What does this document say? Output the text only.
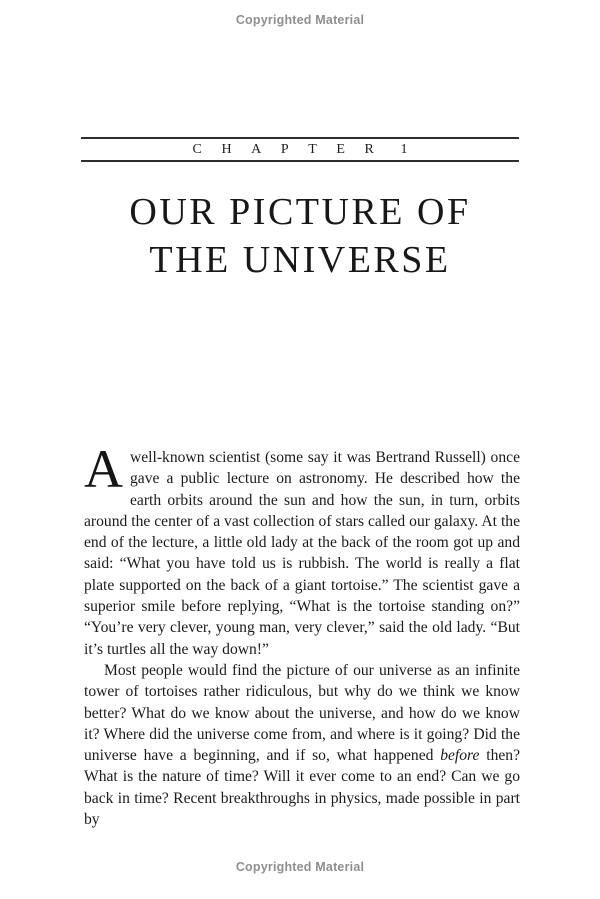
Copyrighted Material
CHAPTER 1
OUR PICTURE OF
THE UNIVERSE

Awell-known scientist (some say it was Bertrand Russell) once gave a public lecture on astronomy. He described how the earth orbits around the sun and how the sun, in turn, orbits around the center of a vast collection of stars called our galaxy. At the end of the lecture, a little old lady at the back of the room got up and said: “What you have told us is rubbish. The world is really a flat plate supported on the back of a giant tortoise.” The scientist gave a superior smile before replying, “What is the tortoise standing on?” “You’re very clever, young man, very clever,” said the old lady. “But it’s turtles all the way down!”

Most people would find the picture of our universe as an infinite tower of tortoises rather ridiculous, but why do we think we know better? What do we know about the universe, and how do we know it? Where did the universe come from, and where is it going? Did the universe have a beginning, and if so, what happened before then? What is the nature of time? Will it ever come to an end? Can we go back in time? Recent breakthroughs in physics, made possible in part by

Copyrighted Material
